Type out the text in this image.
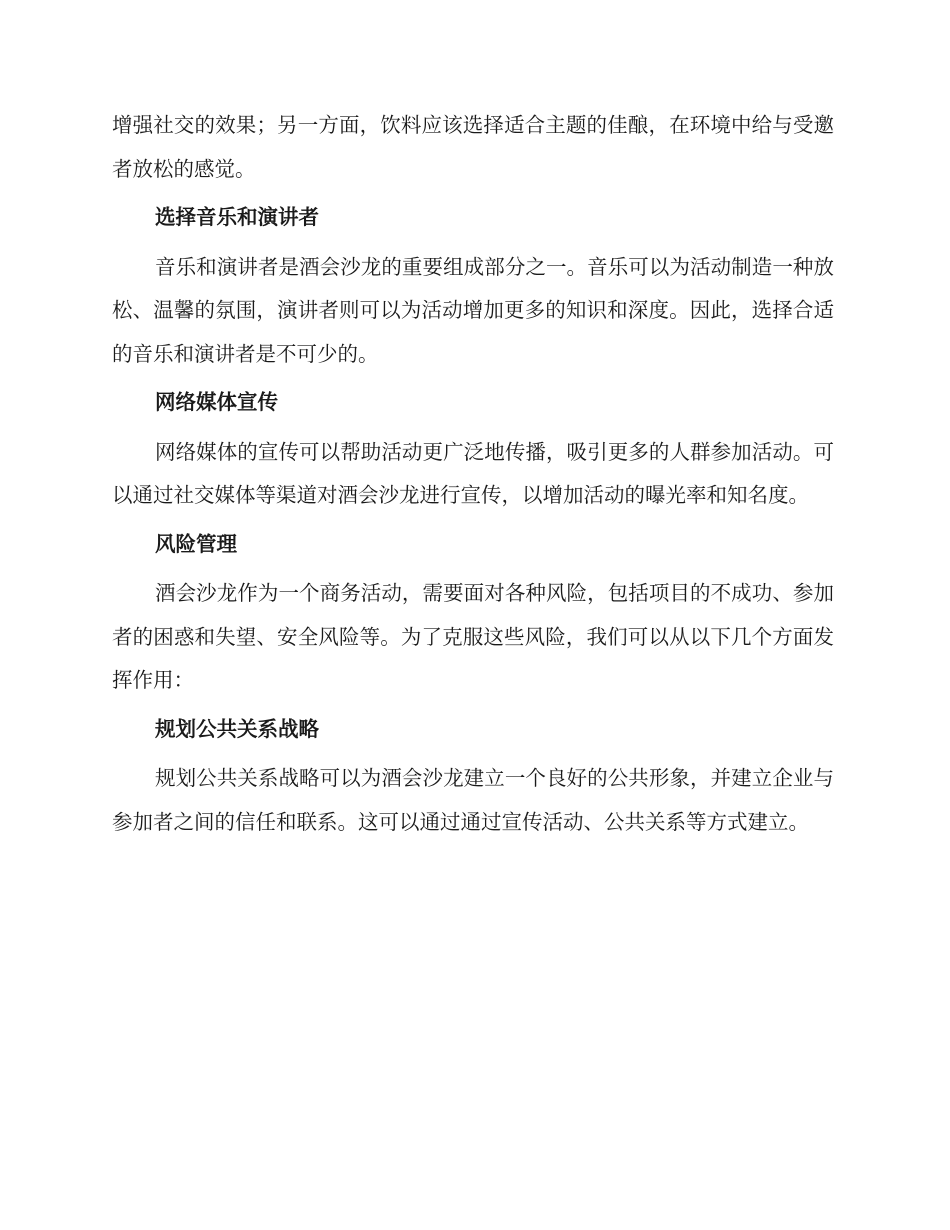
增强社交的效果；另一方面，饮料应该选择适合主题的佳酿，在环境中给与受邀者放松的感觉。

选择音乐和演讲者

音乐和演讲者是酒会沙龙的重要组成部分之一。音乐可以为活动制造一种放松、温馨的氛围，演讲者则可以为活动增加更多的知识和深度。因此，选择合适的音乐和演讲者是不可少的。

网络媒体宣传

网络媒体的宣传可以帮助活动更广泛地传播，吸引更多的人群参加活动。可以通过社交媒体等渠道对酒会沙龙进行宣传，以增加活动的曝光率和知名度。

风险管理

酒会沙龙作为一个商务活动，需要面对各种风险，包括项目的不成功、参加者的困惑和失望、安全风险等。为了克服这些风险，我们可以从以下几个方面发挥作用：

规划公共关系战略

规划公共关系战略可以为酒会沙龙建立一个良好的公共形象，并建立企业与参加者之间的信任和联系。这可以通过通过宣传活动、公共关系等方式建立。
